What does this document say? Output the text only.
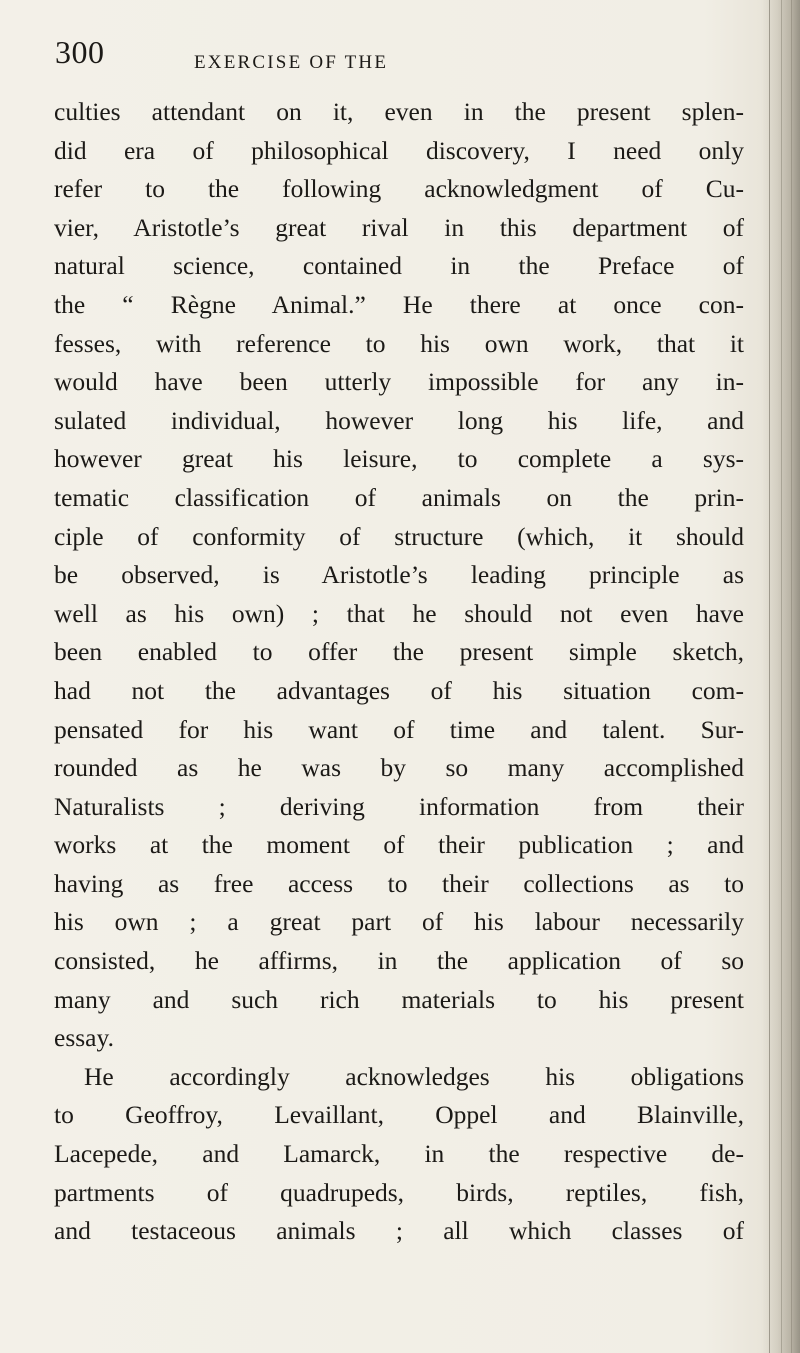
300	EXERCISE OF THE
culties attendant on it, even in the present splen-
did era of philosophical discovery, I need only
refer to the following acknowledgment of Cu-
vier, Aristotle’s great rival in this department of
natural science, contained in the Preface of
the “ Règne Animal.” He there at once con-
fesses, with reference to his own work, that it
would have been utterly impossible for any in-
sulated individual, however long his life, and
however great his leisure, to complete a sys-
tematic classification of animals on the prin-
ciple of conformity of structure (which, it should
be observed, is Aristotle’s leading principle as
well as his own) ; that he should not even have
been enabled to offer the present simple sketch,
had not the advantages of his situation com-
pensated for his want of time and talent. Sur-
rounded as he was by so many accomplished
Naturalists ; deriving information from their
works at the moment of their publication ; and
having as free access to their collections as to
his own ; a great part of his labour necessarily
consisted, he affirms, in the application of so
many and such rich materials to his present
essay.
He accordingly acknowledges his obligations
to Geoffroy, Levaillant, Oppel and Blainville,
Lacepede, and Lamarck, in the respective de-
partments of quadrupeds, birds, reptiles, fish,
and testaceous animals ; all which classes of
